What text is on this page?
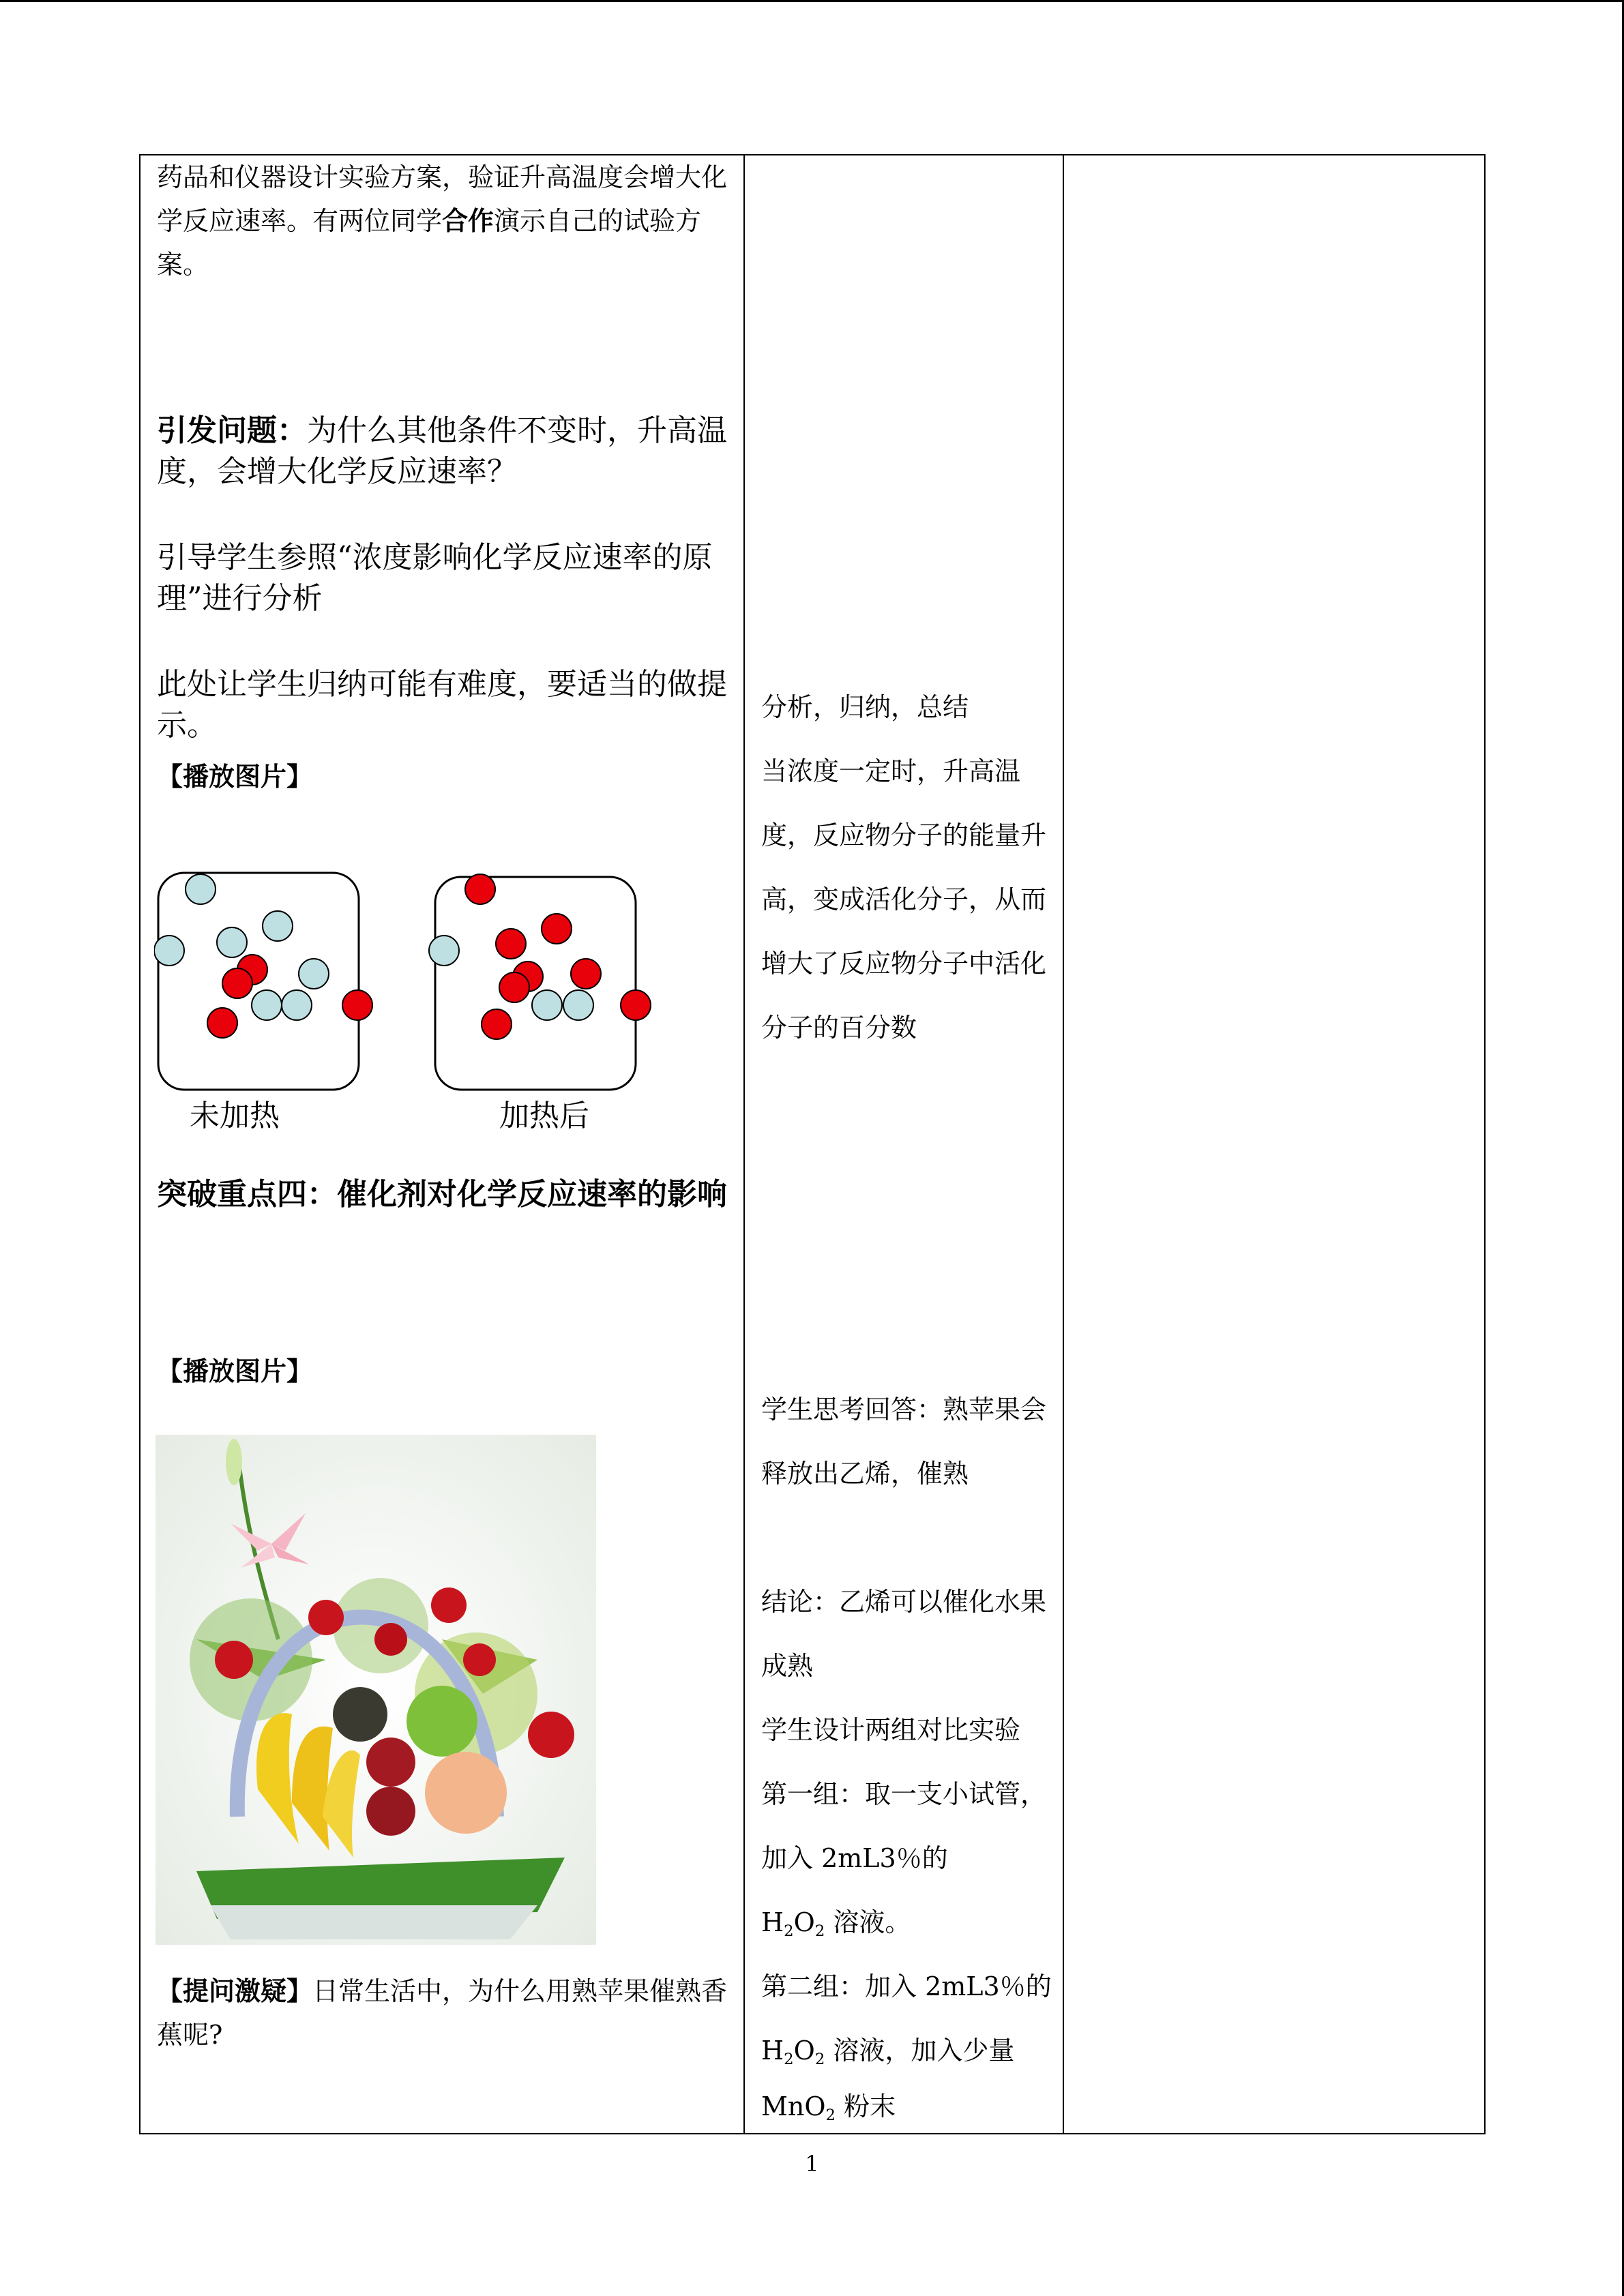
药品和仪器设计实验方案，验证升高温度会增大化学反应速率。有两位同学合作演示自己的试验方案。
引发问题：为什么其他条件不变时，升高温度，会增大化学反应速率？
引导学生参照“浓度影响化学反应速率的原理”进行分析
此处让学生归纳可能有难度，要适当的做提示。
【播放图片】
未加热	加热后
突破重点四：催化剂对化学反应速率的影响
【播放图片】
【提问激疑】日常生活中，为什么用熟苹果催熟香蕉呢?
分析，归纳，总结
当浓度一定时，升高温度，反应物分子的能量升高，变成活化分子，从而增大了反应物分子中活化分子的百分数
学生思考回答：熟苹果会释放出乙烯，催熟
结论：乙烯可以催化水果成熟
学生设计两组对比实验
第一组：取一支小试管，加入 2mL3％的
$H_2O_2$ 溶液。
第二组：加入 2mL3％的 $H_2O_2$ 溶液，加入少量
MnO$_2$ 粉末
1
